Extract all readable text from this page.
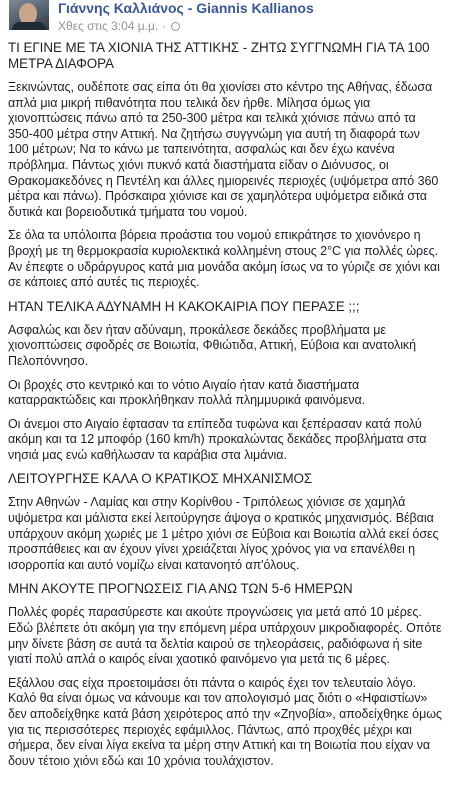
Γιάννης Καλλιάνος - Giannis Kallianos
Χθες στις 3:04 μ.μ. ·
ΤΙ ΕΓΙΝΕ ΜΕ ΤΑ ΧΙΟΝΙΑ ΤΗΣ ΑΤΤΙΚΗΣ - ΖΗΤΩ ΣΥΓΓΝΩΜΗ ΓΙΑ ΤΑ 100 ΜΕΤΡΑ ΔΙΑΦΟΡΑ
Ξεκινώντας, ουδέποτε σας είπα ότι θα χιονίσει στο κέντρο της Αθήνας, έδωσα απλά μια μικρή πιθανότητα που τελικά δεν ήρθε. Μίλησα όμως για χιονοπτώσεις πάνω από τα 250-300 μέτρα και τελικά χιόνισε πάνω από τα 350-400 μέτρα στην Αττική. Να ζητήσω συγγνώμη για αυτή τη διαφορά των 100 μέτρων; Να το κάνω με ταπεινότητα, ασφαλώς και δεν έχω κανένα πρόβλημα. Πάντως χιόνι πυκνό κατά διαστήματα είδαν ο Διόνυσος, οι Θρακομακεδόνες η Πεντέλη και άλλες ημιορεινές περιοχές (υψόμετρα από 360 μέτρα και πάνω). Πρόσκαιρα χιόνισε και σε χαμηλότερα υψόμετρα ειδικά στα δυτικά και βορειοδυτικά τμήματα του νομού.
Σε όλα τα υπόλοιπα βόρεια προάστια του νομού επικράτησε το χιονόνερο η βροχή με τη θερμοκρασία κυριολεκτικά κολλημένη στους 2°C για πολλές ώρες. Αν έπεφτε ο υδράργυρος κατά μια μονάδα ακόμη ίσως να το γύριζε σε χιόνι και σε κάποιες από αυτές τις περιοχές.
ΗΤΑΝ ΤΕΛΙΚΑ ΑΔΥΝΑΜΗ Η ΚΑΚΟΚΑΙΡΙΑ ΠΟΥ ΠΕΡΑΣΕ ;;;
Ασφαλώς και δεν ήταν αδύναμη, προκάλεσε δεκάδες προβλήματα με χιονοπτώσεις σφοδρές σε Βοιωτία, Φθιώτιδα, Αττική, Εύβοια και ανατολική Πελοπόννησο.
Οι βροχές στο κεντρικό και το νότιο Αιγαίο ήταν κατά διαστήματα καταρρακτώδεις και προκλήθηκαν πολλά πλημμυρικά φαινόμενα.
Οι άνεμοι στο Αιγαίο έφτασαν τα επίπεδα τυφώνα και ξεπέρασαν κατά πολύ ακόμη και τα 12 μποφόρ (160 km/h) προκαλώντας δεκάδες προβλήματα στα νησιά μας ενώ καθήλωσαν τα καράβια στα λιμάνια.
ΛΕΙΤΟΥΡΓΗΣΕ ΚΑΛΑ Ο ΚΡΑΤΙΚΟΣ ΜΗΧΑΝΙΣΜΟΣ
Στην Αθηνών - Λαμίας και στην Κορίνθου - Τριπόλεως χιόνισε σε χαμηλά υψόμετρα και μάλιστα εκεί λειτούργησε άψογα ο κρατικός μηχανισμός. Βέβαια υπάρχουν ακόμη χωριές με 1 μέτρο χιόνι σε Εύβοια και Βοιωτία αλλά εκεί όσες προσπάθειες και αν έχουν γίνει χρειάζεται λίγος χρόνος για να επανέλθει η ισορροπία και αυτό νομίζω είναι κατανοητό απ'όλους.
ΜΗΝ ΑΚΟΥΤΕ ΠΡΟΓΝΩΣΕΙΣ ΓΙΑ ΑΝΩ ΤΩΝ 5-6 ΗΜΕΡΩΝ
Πολλές φορές παρασύρεστε και ακούτε προγνώσεις για μετά από 10 μέρες. Εδώ βλέπετε ότι ακόμη για την επόμενη μέρα υπάρχουν μικροδιαφορές. Οπότε μην δίνετε βάση σε αυτά τα δελτία καιρού σε τηλεοράσεις, ραδιόφωνα ή site γιατί πολύ απλά ο καιρός είναι χαοτικό φαινόμενο για μετά τις 6 μέρες.
Εξάλλου σας είχα προετοιμάσει ότι πάντα ο καιρός έχει τον τελευταίο λόγο. Καλό θα είναι όμως να κάνουμε και τον απολογισμό μας διότι ο «Ηφαιστίων» δεν αποδείχθηκε κατά βάση χειρότερος από την «Ζηνοβία», αποδείχθηκε όμως για τις περισσότερες περιοχές εφάμιλλος. Πάντως, από προχθές μέχρι και σήμερα, δεν είναι λίγα εκείνα τα μέρη στην Αττική και τη Βοιωτία που είχαν να δουν τέτοιο χιόνι εδώ και 10 χρόνια τουλάχιστον.
